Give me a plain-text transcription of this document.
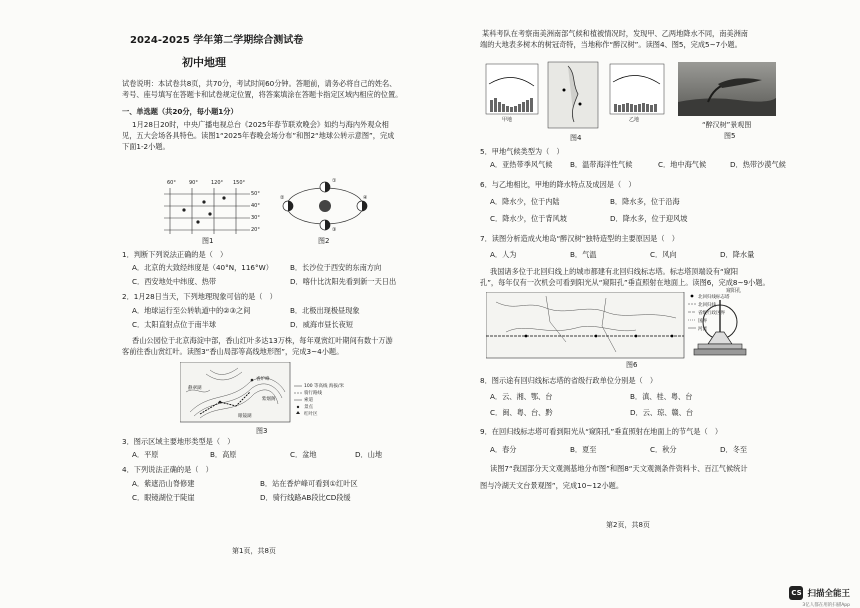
2024-2025 学年第二学期综合测试卷
初中地理
试卷说明：本试卷共8页，共70分，考试时间60分钟。答题前，请务必将自己的姓名、
考号、座号填写在答题卡和试卷规定位置，将答案填涂在答题卡指定区域内相应的位置。
一、单选题（共20分，每小题1分）
1月28日20时，中央广播电视总台《2025年春节联欢晚会》如约与海内外观众相
见，五大会场各具特色。读图1“2025年春晚会场分布”和图2“地球公转示意图”，完成
下面1-2小题。
60°	90°	120° 150°
50°
40°
30°
20°
图1
①
②
③
④
图2
1．判断下列说法正确的是（　）
A．北京的大致经纬度是（40°N，116°W） B．长沙位于西安的东南方向
C．西安地处中纬度、热带	D．喀什比沈阳先看到新一天日出
2．1月28日当天，下列地理现象可信的是（　）
A．地球运行至公转轨道中的②③之间	B．北极出现极昼现象
C．太阳直射点位于南半球	D．威海市昼长夜短
香山公园位于北京海淀中部，香山红叶多达13万株，每年观赏红叶期间有数十万游
客前往香山赏红叶。读图3“香山局部等高线地形图”，完成3~4小题。
100 等高线 海拔/米
骑行路线
索道
景点
红叶区
香炉峰
紫烟阁
静翠湖
眼镜湖
图3
3．图示区域主要地形类型是（　）
A．平原	B．高原	C．盆地	D．山地
4．下列说法正确的是（　）
A．紫遮沿山脊修建	B．站在香炉峰可看到①红叶区
C．眼镜湖位于陡崖	D．骑行线路AB段比CD段缓
第1页，共8页
某科考队在考察南美洲南部气候和植被情况时，发现甲、乙两地降水不同，南美洲南
端的大地表多树木的树冠奇特，当地称作“醉汉树”。读图4、图5，完成5~7小题。
甲地	乙地
图4
“醉汉树”景观图
图5
5．甲地气候类型为（　）
A．亚热带季风气候 B．温带海洋性气候	C．地中海气候	D．热带沙漠气候
6．与乙地相比，甲地的降水特点及成因是（　）
A．降水少，位于内陆	B．降水多，位于沿海
C．降水少，位于背风坡	D．降水多，位于迎风坡
7．读图分析造成火地岛“醉汉树”独特造型的主要原因是（　）
A．人为	B．气温	C．风向	D．降水量
我国诸多位于北回归线上的城市都建有北回归线标志塔。标志塔顶端设有“窥阳
孔”，每年仅有一次机会可看到阳光从“窥阳孔”垂直照射在地面上。读图6，完成8~9小题。
北回归线标志塔
北回归线
省级行政区界
国界
河流
图6
窥阳孔
8．图示途有回归线标志塔的省级行政单位分别是（　）
A．云、湘、鄂、台	B．滇、桂、粤、台
C．闽、粤、台、黔	D．云、琼、赣、台
9．在回归线标志塔可看到阳光从“窥阳孔”垂直照射在地面上的节气是（　）
A．春分	B．夏至	C．秋分	D．冬至
读图7“我国部分天文观测基地分布图”和图8“天文观测条件资料卡、百江气候统计
图与冷湖天文台景观图”，完成10~12小题。
第2页，共8页
CS 扫描全能王
3亿人都在用的扫描App
